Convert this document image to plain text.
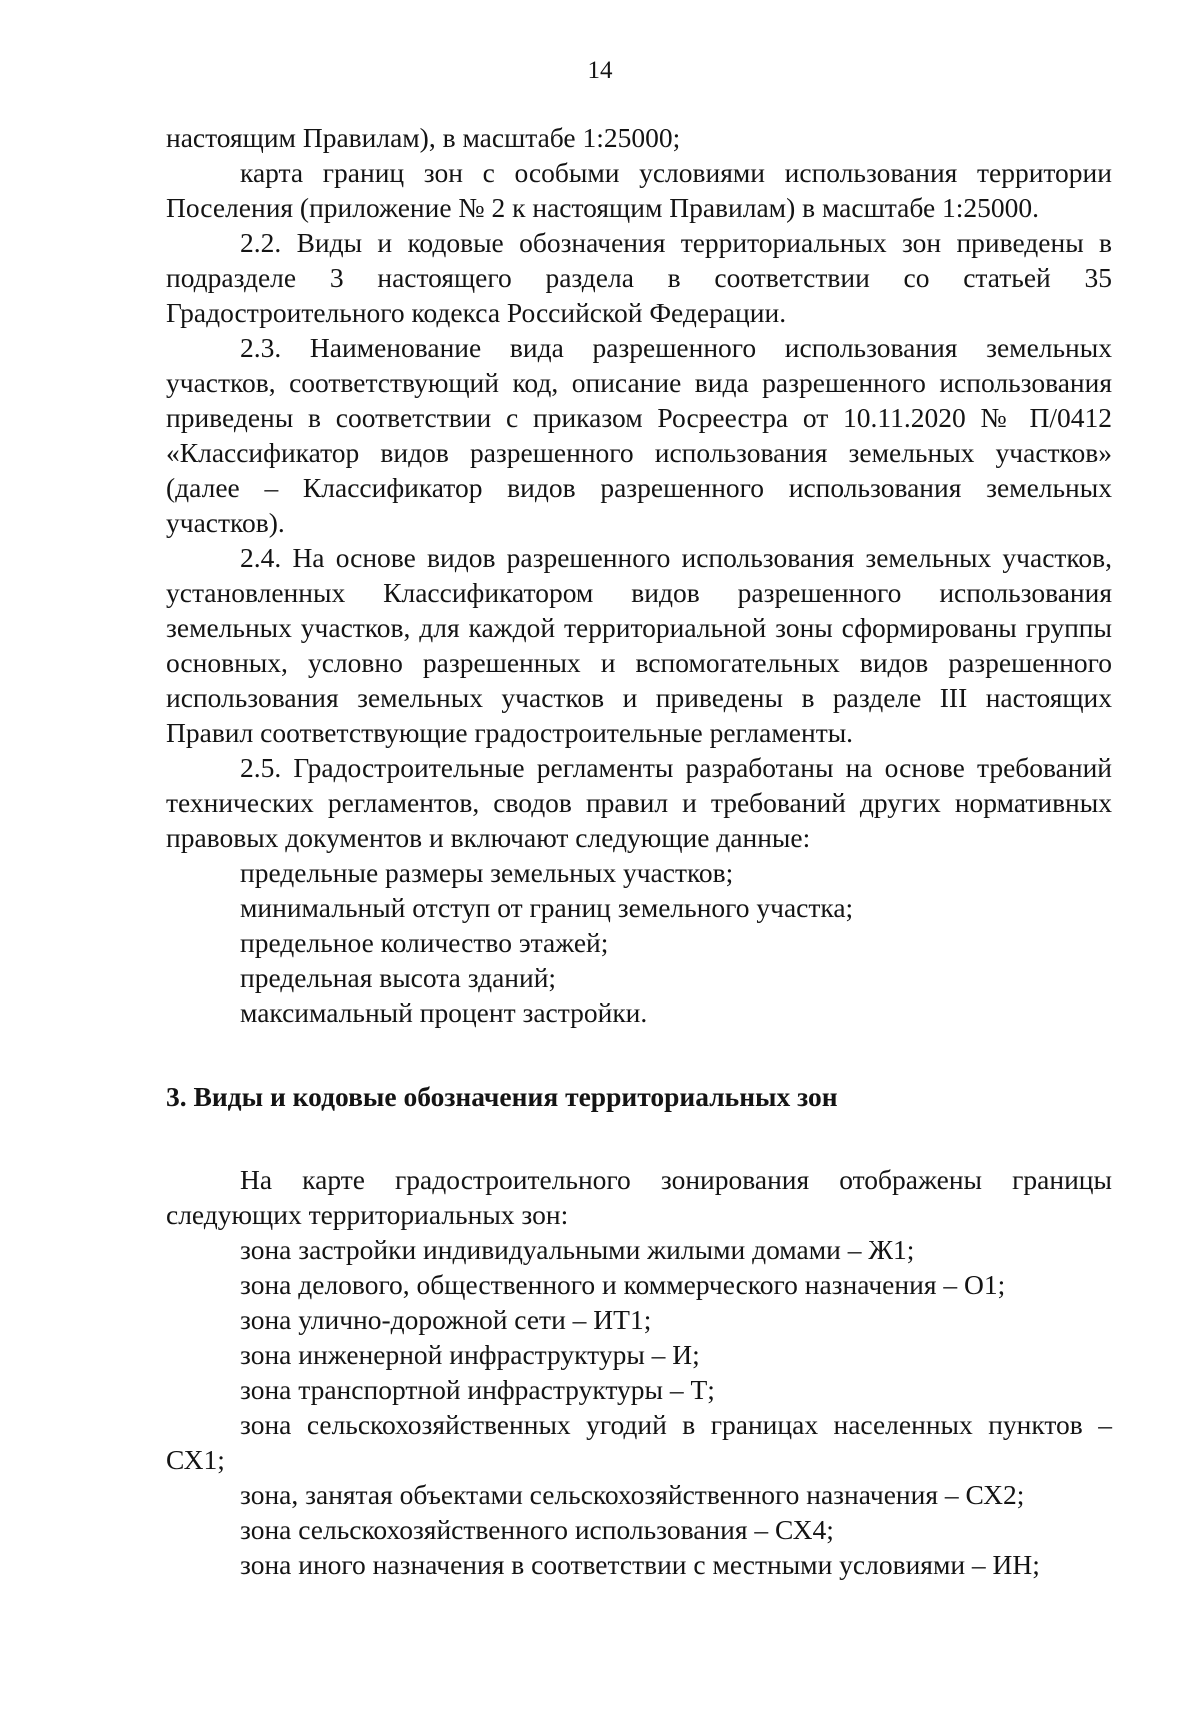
14

настоящим Правилам), в масштабе 1:25000;

карта границ зон с особыми условиями использования территории Поселения (приложение № 2 к настоящим Правилам) в масштабе 1:25000.

2.2. Виды и кодовые обозначения территориальных зон приведены в подразделе 3 настоящего раздела в соответствии со статьей 35 Градостроительного кодекса Российской Федерации.

2.3. Наименование вида разрешенного использования земельных участков, соответствующий код, описание вида разрешенного использования приведены в соответствии с приказом Росреестра от 10.11.2020 № П/0412 «Классификатор видов разрешенного использования земельных участков» (далее – Классификатор видов разрешенного использования земельных участков).

2.4. На основе видов разрешенного использования земельных участков, установленных Классификатором видов разрешенного использования земельных участков, для каждой территориальной зоны сформированы группы основных, условно разрешенных и вспомогательных видов разрешенного использования земельных участков и приведены в разделе III настоящих Правил соответствующие градостроительные регламенты.

2.5. Градостроительные регламенты разработаны на основе требований технических регламентов, сводов правил и требований других нормативных правовых документов и включают следующие данные:

предельные размеры земельных участков;

минимальный отступ от границ земельного участка;

предельное количество этажей;

предельная высота зданий;

максимальный процент застройки.

3. Виды и кодовые обозначения территориальных зон

На карте градостроительного зонирования отображены границы следующих территориальных зон:

зона застройки индивидуальными жилыми домами – Ж1;

зона делового, общественного и коммерческого назначения – О1;

зона улично-дорожной сети – ИТ1;

зона инженерной инфраструктуры – И;

зона транспортной инфраструктуры – Т;

зона сельскохозяйственных угодий в границах населенных пунктов – СХ1;

зона, занятая объектами сельскохозяйственного назначения – СХ2;

зона сельскохозяйственного использования – СХ4;

зона иного назначения в соответствии с местными условиями – ИН;
